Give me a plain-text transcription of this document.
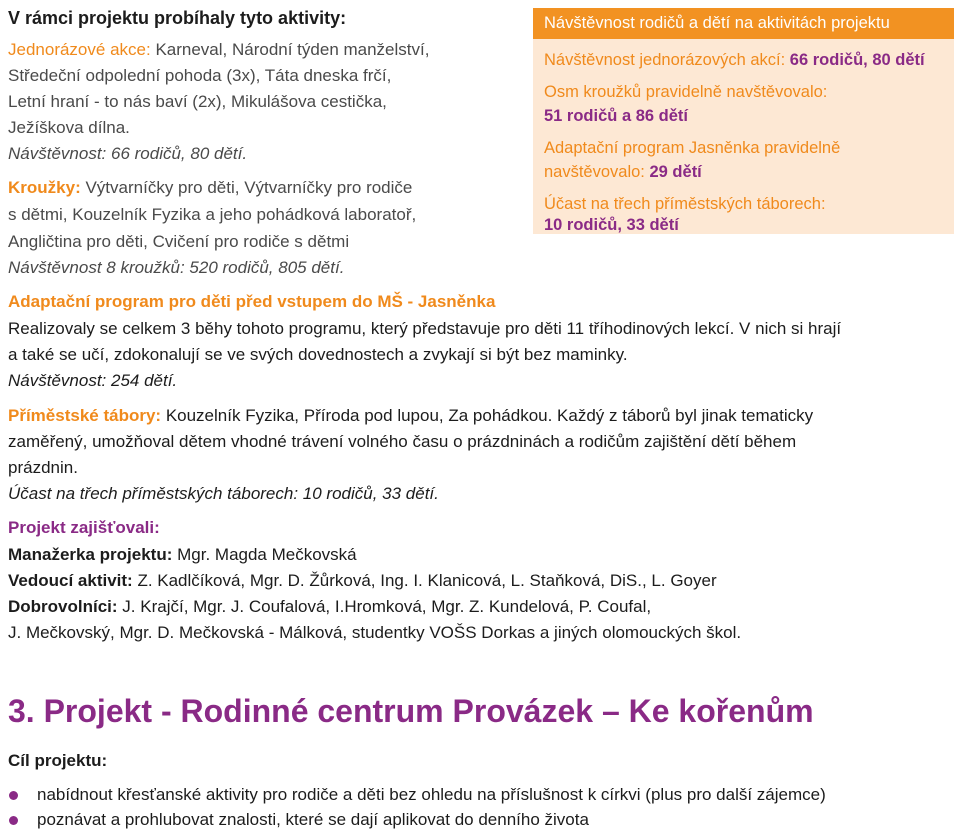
V rámci projektu probíhaly tyto aktivity:
Jednorázové akce: Karneval, Národní týden manželství,
Středeční odpolední pohoda (3x), Táta dneska frčí,
Letní hraní - to nás baví (2x), Mikulášova cestička,
Ježíškova dílna.
Návštěvnost: 66 rodičů, 80 dětí.
Kroužky: Výtvarníčky pro děti, Výtvarníčky pro rodiče
s dětmi, Kouzelník Fyzika a jeho pohádková laboratoř,
Angličtina pro děti, Cvičení pro rodiče s dětmi
Návštěvnost 8 kroužků: 520 rodičů, 805 dětí.
Návštěvnost rodičů a dětí na aktivitách projektu
Návštěvnost jednorázových akcí: 66 rodičů, 80 dětí
Osm kroužků pravidelně navštěvovalo:
51 rodičů a 86 dětí
Adaptační program Jasněnka pravidelně
navštěvovalo: 29 dětí
Účast na třech příměstských táborech:
10 rodičů, 33 dětí
Adaptační program pro děti před vstupem do MŠ - Jasněnka
Realizovaly se celkem 3 běhy tohoto programu, který představuje pro děti 11 tříhodinových lekcí. V nich si hrají
a také se učí, zdokonalují se ve svých dovednostech a zvykají si být bez maminky.
Návštěvnost: 254 dětí.
Příměstské tábory: Kouzelník Fyzika, Příroda pod lupou, Za pohádkou. Každý z táborů byl jinak tematicky
zaměřený, umožňoval dětem vhodné trávení volného času o prázdninách a rodičům zajištění dětí během
prázdnin.
Účast na třech příměstských táborech: 10 rodičů, 33 dětí.
Projekt zajišťovali:
Manažerka projektu: Mgr. Magda Mečkovská
Vedoucí aktivit: Z. Kadlčíková, Mgr. D. Žůrková, Ing. I. Klanicová, L. Staňková, DiS., L. Goyer
Dobrovolníci: J. Krajčí, Mgr. J. Coufalová, I.Hromková, Mgr. Z. Kundelová, P. Coufal,
J. Mečkovský, Mgr. D. Mečkovská - Málková, studentky VOŠS Dorkas a jiných olomouckých škol.
3. Projekt - Rodinné centrum Provázek – Ke kořenům
Cíl projektu:
nabídnout křesťanské aktivity pro rodiče a děti bez ohledu na příslušnost k církvi (plus pro další zájemce)
poznávat a prohlubovat znalosti, které se dají aplikovat do denního života
